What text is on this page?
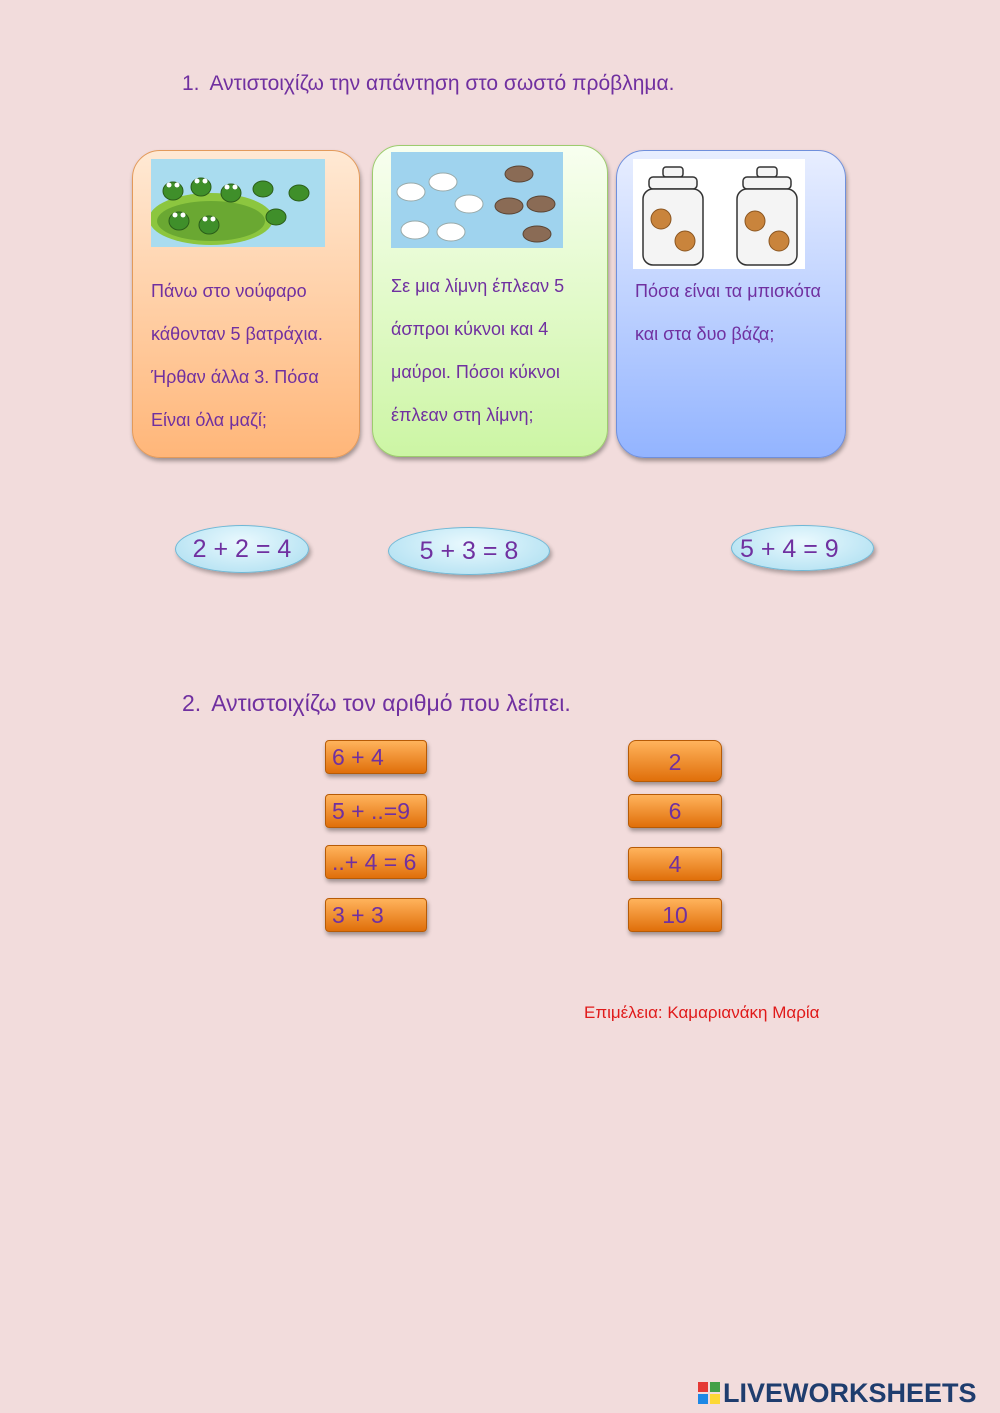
1. Αντιστοιχίζω την απάντηση στο σωστό πρόβλημα.
Πάνω στο νούφαρο
κάθονταν 5 βατράχια.
Ήρθαν άλλα 3. Πόσα
Είναι όλα μαζί;
Σε μια λίμνη έπλεαν 5
άσπροι κύκνοι και 4
μαύροι. Πόσοι κύκνοι
έπλεαν στη λίμνη;
Πόσα είναι τα μπισκότα
και στα δυο βάζα;
2 + 2 = 4	5 + 3 = 8	5 + 4 = 9
2. Αντιστοιχίζω τον αριθμό που λείπει.
6 + 4
5 + ..=9
..+ 4 = 6
3 + 3
2
6
4
10
Επιμέλεια: Καμαριανάκη Μαρία
LIVEWORKSHEETS
